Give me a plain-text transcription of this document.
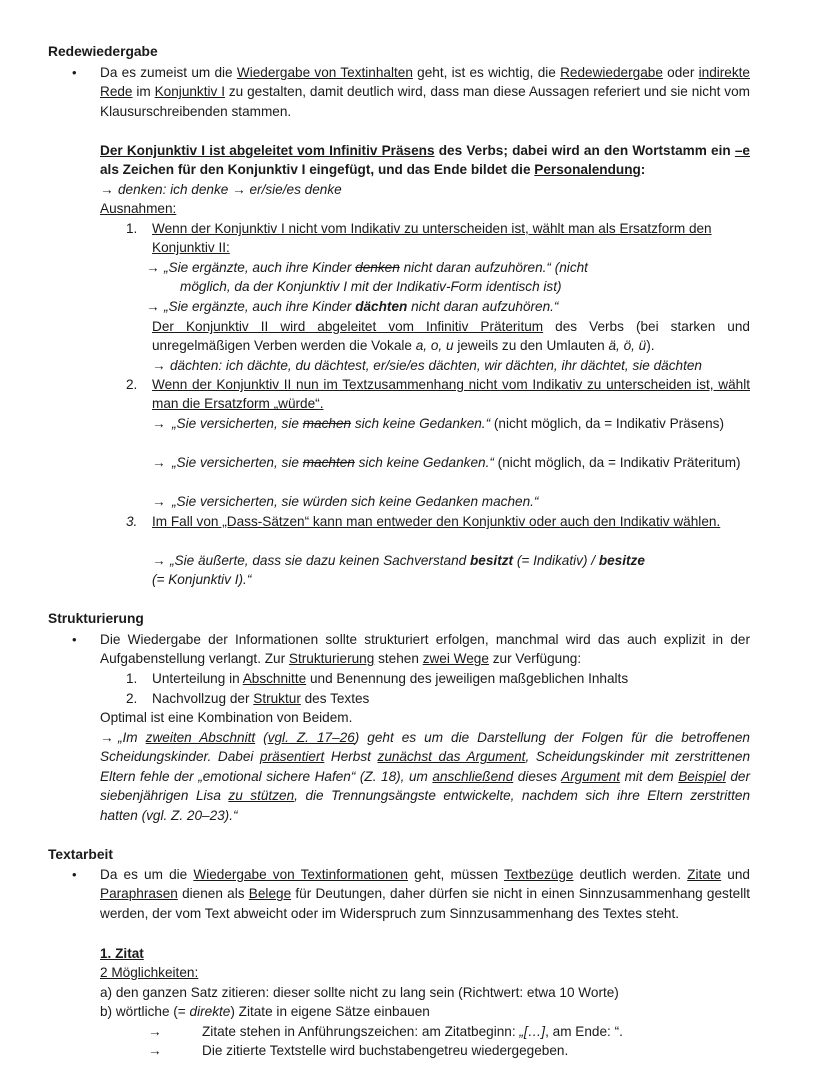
Redewiedergabe
• Da es zumeist um die Wiedergabe von Textinhalten geht, ist es wichtig, die Redewiedergabe oder indirekte Rede im Konjunktiv I zu gestalten, damit deutlich wird, dass man diese Aussagen referiert und sie nicht vom Klausurschreibenden stammen.

Der Konjunktiv I ist abgeleitet vom Infinitiv Präsens des Verbs; dabei wird an den Wortstamm ein –e als Zeichen für den Konjunktiv I eingefügt, und das Ende bildet die Personalendung:

→ denken: ich denke → er/sie/es denke
Ausnahmen:
1.	Wenn der Konjunktiv I nicht vom Indikativ zu unterscheiden ist, wählt man als Ersatzform den Konjunktiv II:

→ „Sie ergänzte, auch ihre Kinder denken nicht daran aufzuhören.“ (nicht
möglich, da der Konjunktiv I mit der Indikativ-Form identisch ist)
→ „Sie ergänzte, auch ihre Kinder dächten nicht daran aufzuhören.“

Der Konjunktiv II wird abgeleitet vom Infinitiv Präteritum des Verbs (bei starken und unregelmäßigen Verben werden die Vokale a, o, u jeweils zu den Umlauten ä, ö, ü).

→ dächten: ich dächte, du dächtest, er/sie/es dächten, wir dächten, ihr dächtet, sie dächten
2.	Wenn der Konjunktiv II nun im Textzusammenhang nicht vom Indikativ zu unterscheiden ist, wählt man die Ersatzform „würde“.

→ „Sie versicherten, sie machen sich keine Gedanken.“ (nicht möglich, da = Indikativ Präsens)

→ „Sie versicherten, sie machten sich keine Gedanken.“ (nicht möglich, da = Indikativ Präteritum)

→ „Sie versicherten, sie würden sich keine Gedanken machen.“
3.	Im Fall von „Dass-Sätzen“ kann man entweder den Konjunktiv oder auch den Indikativ wählen.

→ „Sie äußerte, dass sie dazu keinen Sachverstand besitzt (= Indikativ) / besitze
(= Konjunktiv I).“
Strukturierung
• Die Wiedergabe der Informationen sollte strukturiert erfolgen, manchmal wird das auch explizit in der Aufgabenstellung verlangt. Zur Strukturierung stehen zwei Wege zur Verfügung:

1.	Unterteilung in Abschnitte und Benennung des jeweiligen maßgeblichen Inhalts
2.	Nachvollzug der Struktur des Textes
Optimal ist eine Kombination von Beidem.

→ „Im zweiten Abschnitt (vgl. Z. 17–26) geht es um die Darstellung der Folgen für die betroffenen Scheidungskinder. Dabei präsentiert Herbst zunächst das Argument, Scheidungskinder mit zerstrittenen Eltern fehle der „emotional sichere Hafen“ (Z. 18), um anschließend dieses Argument mit dem Beispiel der siebenjährigen Lisa zu stützen, die Trennungsängste entwickelte, nachdem sich ihre Eltern zerstritten hatten (vgl. Z. 20–23).“

Textarbeit
• Da es um die Wiedergabe von Textinformationen geht, müssen Textbezüge deutlich werden. Zitate und Paraphrasen dienen als Belege für Deutungen, daher dürfen sie nicht in einen Sinnzusammenhang gestellt werden, der vom Text abweicht oder im Widerspruch zum Sinnzusammenhang des Textes steht.

1. Zitat
2 Möglichkeiten:
a) den ganzen Satz zitieren: dieser sollte nicht zu lang sein (Richtwert: etwa 10 Worte)
b) wörtliche (= direkte) Zitate in eigene Sätze einbauen
→	Zitate stehen in Anführungszeichen: am Zitatbeginn: „[…], am Ende: “.
→	Die zitierte Textstelle wird buchstabengetreu wiedergegeben.
